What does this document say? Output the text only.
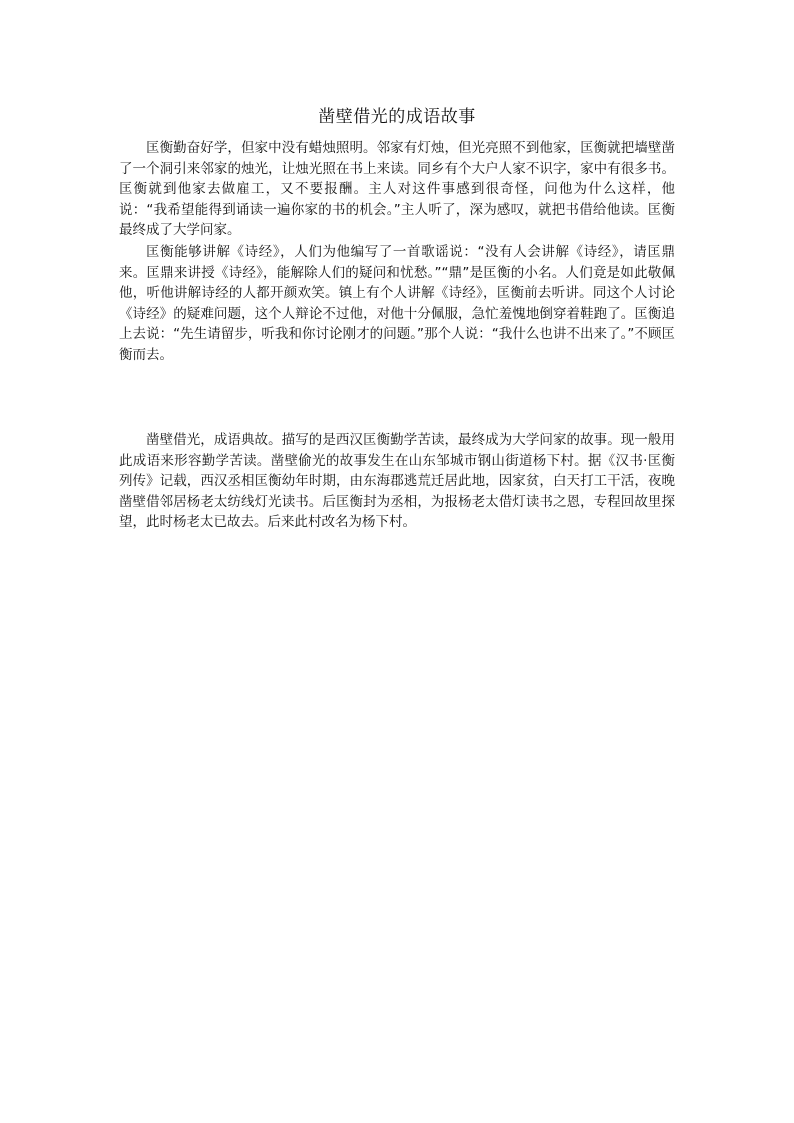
凿壁借光的成语故事

匡衡勤奋好学，但家中没有蜡烛照明。邻家有灯烛，但光亮照不到他家，匡衡就把墙壁凿了一个洞引来邻家的烛光，让烛光照在书上来读。同乡有个大户人家不识字，家中有很多书。匡衡就到他家去做雇工，又不要报酬。主人对这件事感到很奇怪，问他为什么这样，他说：“我希望能得到诵读一遍你家的书的机会。”主人听了，深为感叹，就把书借给他读。匡衡最终成了大学问家。

匡衡能够讲解《诗经》，人们为他编写了一首歌谣说：“没有人会讲解《诗经》，请匡鼎来。匡鼎来讲授《诗经》，能解除人们的疑问和忧愁。”“鼎”是匡衡的小名。人们竟是如此敬佩他，听他讲解诗经的人都开颜欢笑。镇上有个人讲解《诗经》，匡衡前去听讲。同这个人讨论《诗经》的疑难问题，这个人辩论不过他，对他十分佩服，急忙羞愧地倒穿着鞋跑了。匡衡追上去说：“先生请留步，听我和你讨论刚才的问题。”那个人说：“我什么也讲不出来了。”不顾匡衡而去。

凿壁借光，成语典故。描写的是西汉匡衡勤学苦读，最终成为大学问家的故事。现一般用此成语来形容勤学苦读。凿壁偷光的故事发生在山东邹城市钢山街道杨下村。据《汉书·匡衡列传》记载，西汉丞相匡衡幼年时期，由东海郡逃荒迁居此地，因家贫，白天打工干活，夜晚凿壁借邻居杨老太纺线灯光读书。后匡衡封为丞相，为报杨老太借灯读书之恩，专程回故里探望，此时杨老太已故去。后来此村改名为杨下村。
